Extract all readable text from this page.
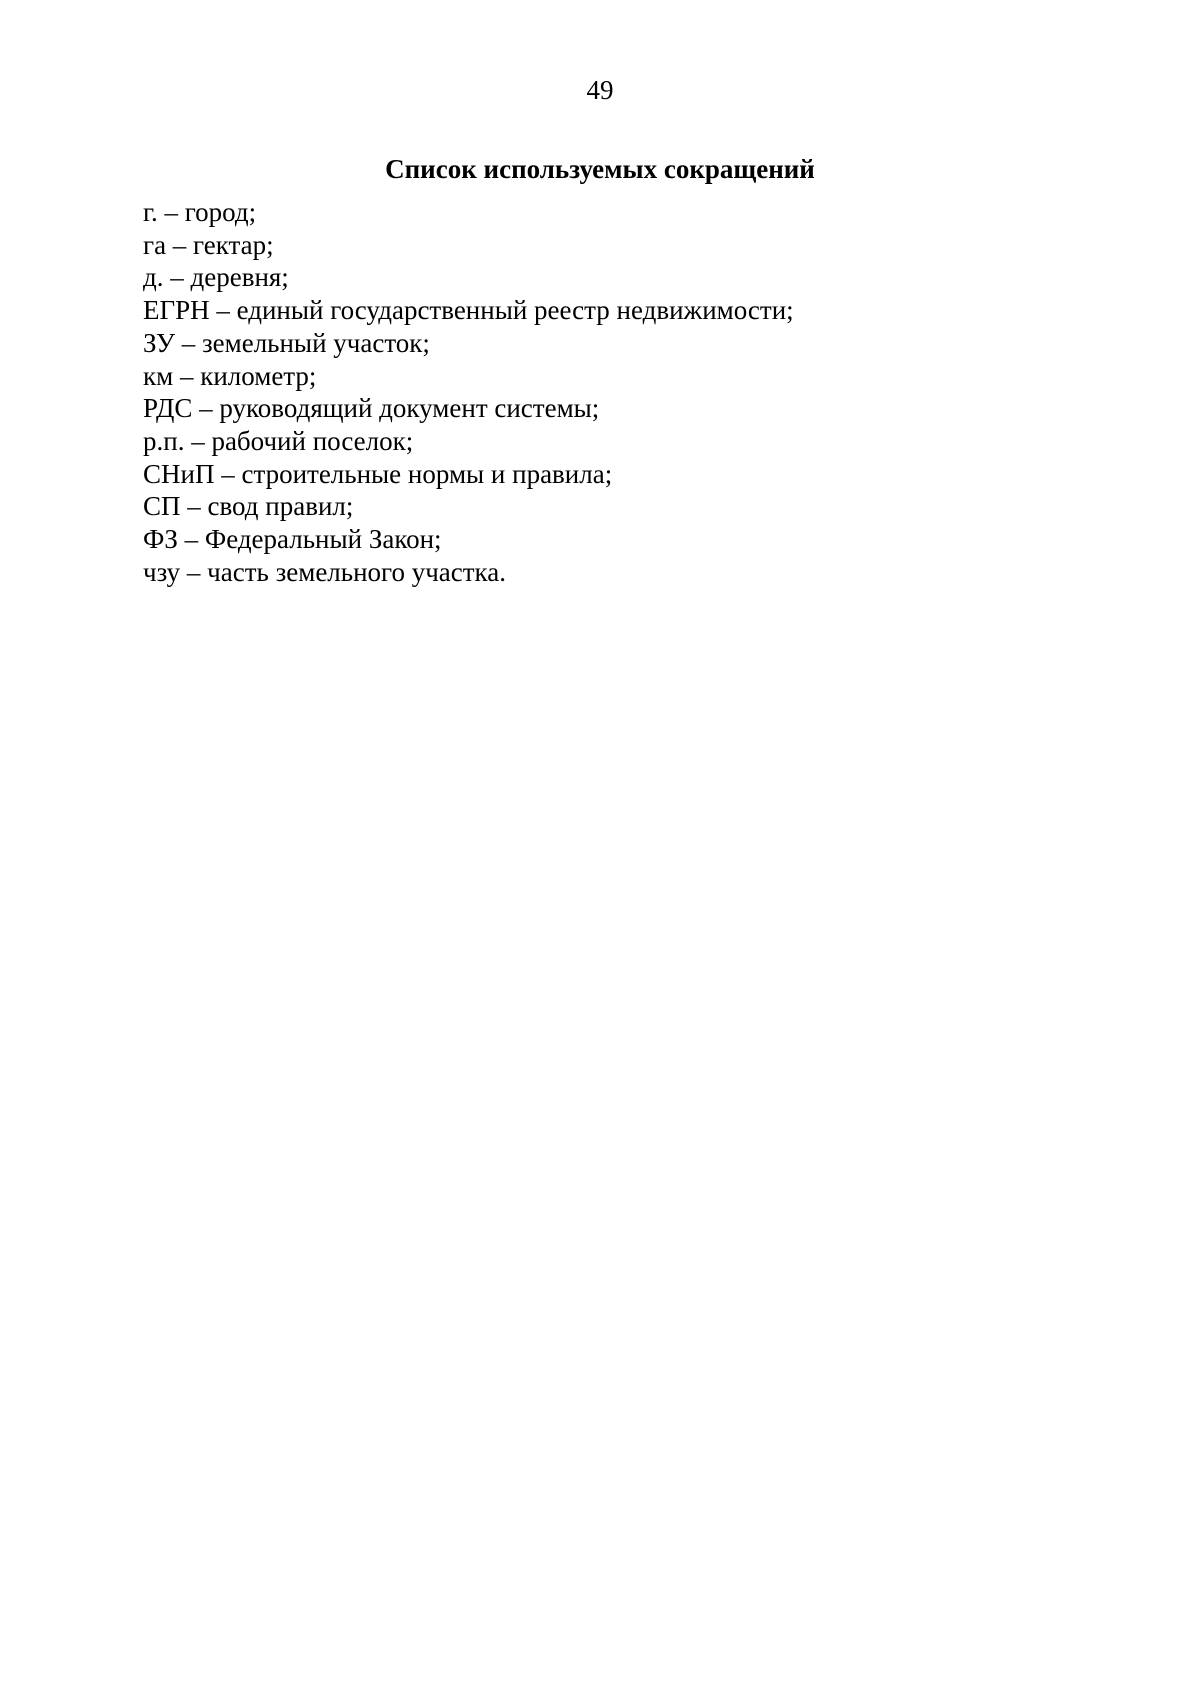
49
Список используемых сокращений
г. – город;
га – гектар;
д. – деревня;
ЕГРН – единый государственный реестр недвижимости;
ЗУ – земельный участок;
км – километр;
РДС – руководящий документ системы;
р.п. – рабочий поселок;
СНиП – строительные нормы и правила;
СП – свод правил;
ФЗ – Федеральный Закон;
чзу – часть земельного участка.
